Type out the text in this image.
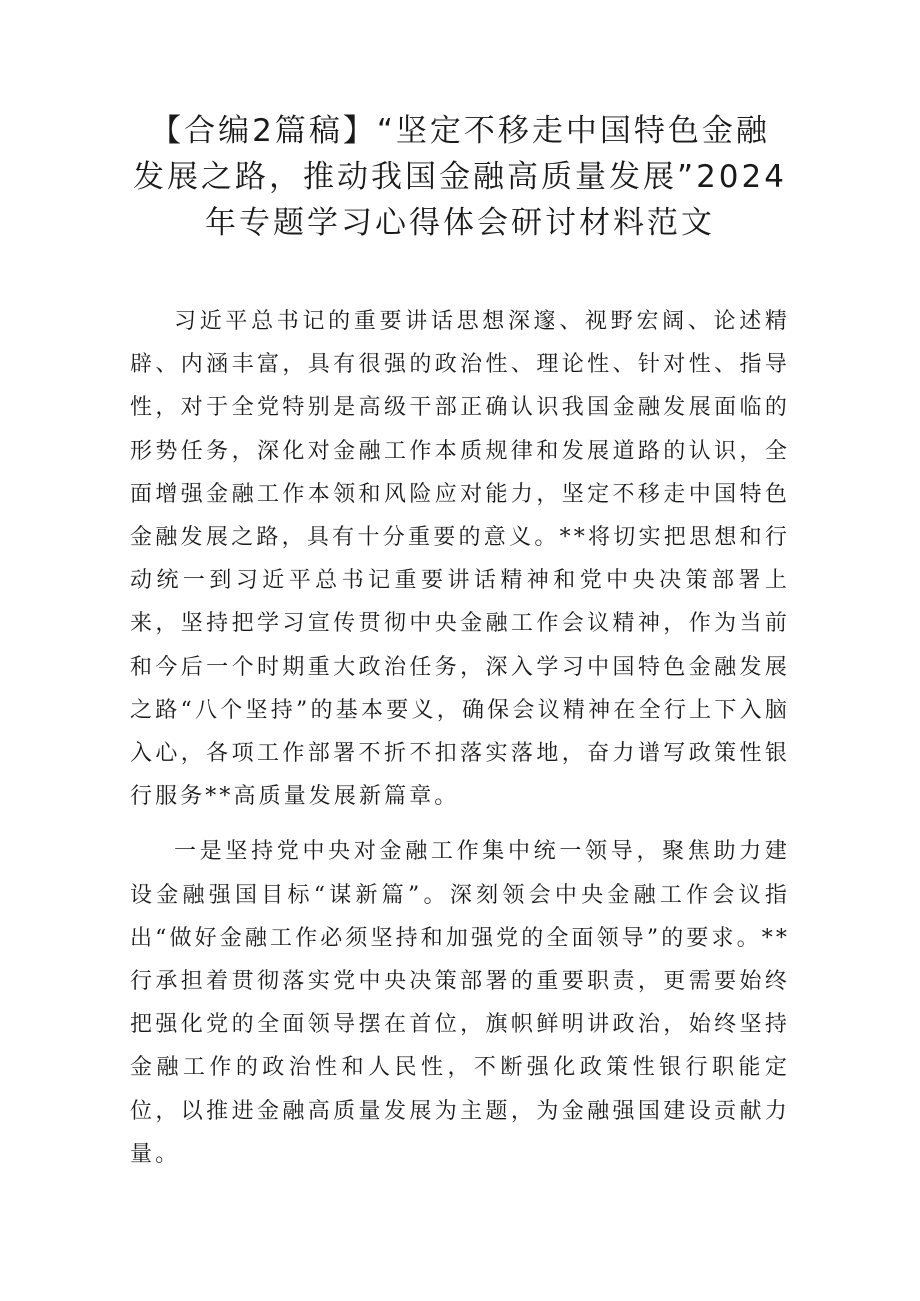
【合编2篇稿】“坚定不移走中国特色金融
发展之路，推动我国金融高质量发展”2024
年专题学习心得体会研讨材料范文

习近平总书记的重要讲话思想深邃、视野宏阔、论述精辟、内涵丰富，具有很强的政治性、理论性、针对性、指导性，对于全党特别是高级干部正确认识我国金融发展面临的形势任务，深化对金融工作本质规律和发展道路的认识，全面增强金融工作本领和风险应对能力，坚定不移走中国特色金融发展之路，具有十分重要的意义。**将切实把思想和行动统一到习近平总书记重要讲话精神和党中央决策部署上来，坚持把学习宣传贯彻中央金融工作会议精神，作为当前和今后一个时期重大政治任务，深入学习中国特色金融发展之路“八个坚持”的基本要义，确保会议精神在全行上下入脑入心，各项工作部署不折不扣落实落地，奋力谱写政策性银行服务**高质量发展新篇章。

一是坚持党中央对金融工作集中统一领导，聚焦助力建设金融强国目标“谋新篇”。深刻领会中央金融工作会议指出“做好金融工作必须坚持和加强党的全面领导”的要求。**行承担着贯彻落实党中央决策部署的重要职责，更需要始终把强化党的全面领导摆在首位，旗帜鲜明讲政治，始终坚持金融工作的政治性和人民性，不断强化政策性银行职能定位，以推进金融高质量发展为主题，为金融强国建设贡献力量。
